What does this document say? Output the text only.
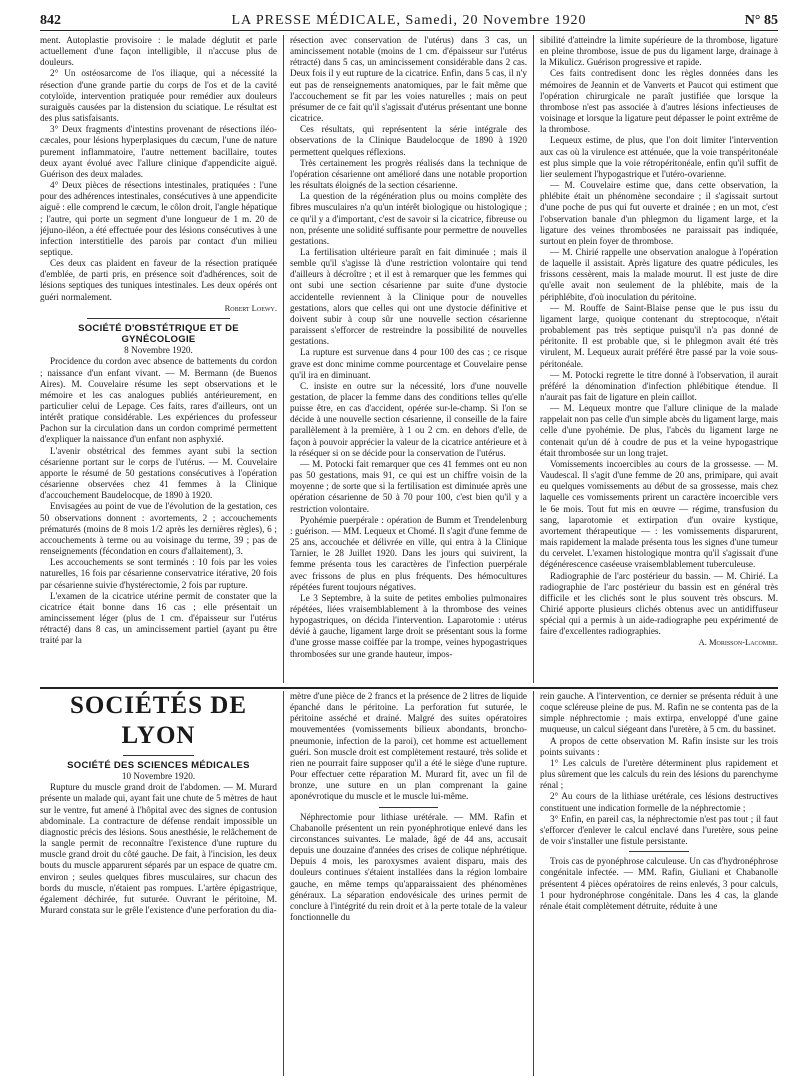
842	LA PRESSE MÉDICALE, Samedi, 20 Novembre 1920	N° 85

ment. Autoplastie provisoire : le malade déglutit et parle actuellement d'une façon intelligible, il n'accuse plus de douleurs.

2° Un ostéosarcome de l'os iliaque, qui a nécessité la résection d'une grande partie du corps de l'os et de la cavité cotyloïde, intervention pratiquée pour remédier aux douleurs suraiguës causées par la distension du sciatique. Le résultat est des plus satisfaisants.

3° Deux fragments d'intestins provenant de résections iléo-cæcales, pour lésions hyperplasiques du cæcum, l'une de nature purement inflammatoire, l'autre nettement bacillaire, toutes deux ayant évolué avec l'allure clinique d'appendicite aiguë. Guérison des deux malades.

4° Deux pièces de résections intestinales, pratiquées : l'une pour des adhérences intestinales, consécutives à une appendicite aiguë : elle comprend le cæcum, le côlon droit, l'angle hépatique ; l'autre, qui porte un segment d'une longueur de 1 m. 20 de jéjuno-iléon, a été effectuée pour des lésions consécutives à une infection interstitielle des parois par contact d'un milieu septique.

Ces deux cas plaident en faveur de la résection pratiquée d'emblée, de parti pris, en présence soit d'adhérences, soit de lésions septiques des tuniques intestinales. Les deux opérés ont guéri normalement.

Robert Loewy.

SOCIÉTÉ D'OBSTÉTRIQUE ET DE GYNÉCOLOGIE

8 Novembre 1920.

Procidence du cordon avec absence de battements du cordon ; naissance d'un enfant vivant. — M. Bermann (de Buenos Aires). M. Couvelaire résume les sept observations et le mémoire et les cas analogues publiés antérieurement, en particulier celui de Lepage. Ces faits, rares d'ailleurs, ont un intérêt pratique considérable. Les expériences du professeur Pachon sur la circulation dans un cordon comprimé permettent d'expliquer la naissance d'un enfant non asphyxié.

L'avenir obstétrical des femmes ayant subi la section césarienne portant sur le corps de l'utérus. — M. Couvelaire apporte le résumé de 50 gestations consécutives à l'opération césarienne observées chez 41 femmes à la Clinique d'accouchement Baudelocque, de 1890 à 1920.

Envisagées au point de vue de l'évolution de la gestation, ces 50 observations donnent : avortements, 2 ; accouchements prématurés (moins de 8 mois 1/2 après les dernières règles), 6 ; accouchements à terme ou au voisinage du terme, 39 ; pas de renseignements (fécondation en cours d'allaitement), 3.

Les accouchements se sont terminés : 10 fois par les voies naturelles, 16 fois par césarienne conservatrice itérative, 20 fois par césarienne suivie d'hystérectomie, 2 fois par rupture.

L'examen de la cicatrice utérine permit de constater que la cicatrice était bonne dans 16 cas ; elle présentait un amincissement léger (plus de 1 cm. d'épaisseur sur l'utérus rétracté) dans 8 cas, un amincissement partiel (ayant pu être traité par la

résection avec conservation de l'utérus) dans 3 cas, un amincissement notable (moins de 1 cm. d'épaisseur sur l'utérus rétracté) dans 5 cas, un amincissement considérable dans 2 cas. Deux fois il y eut rupture de la cicatrice. Enfin, dans 5 cas, il n'y eut pas de renseignements anatomiques, par le fait même que l'accouchement se fit par les voies naturelles ; mais on peut présumer de ce fait qu'il s'agissait d'utérus présentant une bonne cicatrice.

Ces résultats, qui représentent la série intégrale des observations de la Clinique Baudelocque de 1890 à 1920 permettent quelques réflexions.

Très certainement les progrès réalisés dans la technique de l'opération césarienne ont amélioré dans une notable proportion les résultats éloignés de la section césarienne.

La question de la régénération plus ou moins complète des fibres musculaires n'a qu'un intérêt biologique ou histologique ; ce qu'il y a d'important, c'est de savoir si la cicatrice, fibreuse ou non, présente une solidité suffisante pour permettre de nouvelles gestations.

La fertilisation ultérieure paraît en fait diminuée ; mais il semble qu'il s'agisse là d'une restriction volontaire qui tend d'ailleurs à décroître ; et il est à remarquer que les femmes qui ont subi une section césarienne par suite d'une dystocie accidentelle reviennent à la Clinique pour de nouvelles gestations, alors que celles qui ont une dystocie définitive et doivent subir à coup sûr une nouvelle section césarienne paraissent s'efforcer de restreindre la possibilité de nouvelles gestations.

La rupture est survenue dans 4 pour 100 des cas ; ce risque grave est donc minime comme pourcentage et Couvelaire pense qu'il ira en diminuant.

C. insiste en outre sur la nécessité, lors d'une nouvelle gestation, de placer la femme dans des conditions telles qu'elle puisse être, en cas d'accident, opérée sur-le-champ. Si l'on se décide à une nouvelle section césarienne, il conseille de la faire parallèlement à la première, à 1 ou 2 cm. en dehors d'elle, de façon à pouvoir apprécier la valeur de la cicatrice antérieure et à la réséquer si on se décide pour la conservation de l'utérus.

— M. Potocki fait remarquer que ces 41 femmes ont eu non pas 50 gestations, mais 91, ce qui est un chiffre voisin de la moyenne ; de sorte que si la fertilisation est diminuée après une opération césarienne de 50 à 70 pour 100, c'est bien qu'il y a restriction volontaire.

Pyohémie puerpérale : opération de Bumm et Trendelenburg : guérison. — MM. Lequeux et Chomé. Il s'agit d'une femme de 25 ans, accouchée et délivrée en ville, qui entra à la Clinique Tarnier, le 28 Juillet 1920. Dans les jours qui suivirent, la femme présenta tous les caractères de l'infection puerpérale avec frissons de plus en plus fréquents. Des hémocultures répétées furent toujours négatives.

Le 3 Septembre, à la suite de petites embolies pulmonaires répétées, liées vraisemblablement à la thrombose des veines hypogastriques, on décida l'intervention. Laparotomie : utérus dévié à gauche, ligament large droit se présentant sous la forme d'une grosse masse coiffée par la trompe, veines hypogastriques thrombosées sur une grande hauteur, impos-

sibilité d'atteindre la limite supérieure de la thrombose, ligature en pleine thrombose, issue de pus du ligament large, drainage à la Mikulicz. Guérison progressive et rapide.

Ces faits contredisent donc les règles données dans les mémoires de Jeannin et de Vanverts et Paucot qui estiment que l'opération chirurgicale ne paraît justifiée que lorsque la thrombose n'est pas associée à d'autres lésions infectieuses de voisinage et lorsque la ligature peut dépasser le point extrême de la thrombose.

Lequeux estime, de plus, que l'on doit limiter l'intervention aux cas où la virulence est atténuée, que la voie transpéritonéale est plus simple que la voie rétropéritonéale, enfin qu'il suffit de lier seulement l'hypogastrique et l'utéro-ovarienne.

— M. Couvelaire estime que, dans cette observation, la phlébite était un phénomène secondaire ; il s'agissait surtout d'une poche de pus qui fut ouverte et drainée ; en un mot, c'est l'observation banale d'un phlegmon du ligament large, et la ligature des veines thrombosées ne paraissait pas indiquée, surtout en plein foyer de thrombose.

— M. Chirié rappelle une observation analogue à l'opération de laquelle il assistait. Après ligature des quatre pédicules, les frissons cessèrent, mais la malade mourut. Il est juste de dire qu'elle avait non seulement de la phlébite, mais de la périphlébite, d'où inoculation du péritoine.

— M. Rouffe de Saint-Blaise pense que le pus issu du ligament large, quoique contenant du streptocoque, n'était probablement pas très septique puisqu'il n'a pas donné de péritonite. Il est probable que, si le phlegmon avait été très virulent, M. Lequeux aurait préféré être passé par la voie sous-péritonéale.

— M. Potocki regrette le titre donné à l'observation, il aurait préféré la dénomination d'infection phlébitique étendue. Il n'aurait pas fait de ligature en plein caillot.

— M. Lequeux montre que l'allure clinique de la malade rappelait non pas celle d'un simple abcès du ligament large, mais celle d'une pyohémie. De plus, l'abcès du ligament large ne contenait qu'un dé à coudre de pus et la veine hypogastrique était thrombosée sur un long trajet.

Vomissements incoercibles au cours de la grossesse. — M. Vaudescal. Il s'agit d'une femme de 20 ans, primipare, qui avait eu quelques vomissements au début de sa grossesse, mais chez laquelle ces vomissements prirent un caractère incoercible vers le 6e mois. Tout fut mis en œuvre — régime, transfusion du sang, laparotomie et extirpation d'un ovaire kystique, avortement thérapeutique — : les vomissements disparurent, mais rapidement la malade présenta tous les signes d'une tumeur du cervelet. L'examen histologique montra qu'il s'agissait d'une dégénérescence caséeuse vraisemblablement tuberculeuse.

Radiographie de l'arc postérieur du bassin. — M. Chirié. La radiographie de l'arc postérieur du bassin est en général très difficile et les clichés sont le plus souvent très obscurs. M. Chirié apporte plusieurs clichés obtenus avec un antidiffuseur spécial qui a permis à un aide-radiographe peu expérimenté de faire d'excellentes radiographies.

A. Morisson-Lacombe.

SOCIÉTÉS DE LYON

SOCIÉTÉ DES SCIENCES MÉDICALES

10 Novembre 1920.

Rupture du muscle grand droit de l'abdomen. — M. Murard présente un malade qui, ayant fait une chute de 5 mètres de haut sur le ventre, fut amené à l'hôpital avec des signes de contusion abdominale. La contracture de défense rendait impossible un diagnostic précis des lésions. Sous anesthésie, le relâchement de la sangle permit de reconnaître l'existence d'une rupture du muscle grand droit du côté gauche. De fait, à l'incision, les deux bouts du muscle apparurent séparés par un espace de quatre cm. environ ; seules quelques fibres musculaires, sur chacun des bords du muscle, n'étaient pas rompues. L'artère épigastrique, également déchirée, fut suturée. Ouvrant le péritoine, M. Murard constata sur le grêle l'existence d'une perforation du dia-

mètre d'une pièce de 2 francs et la présence de 2 litres de liquide épanché dans le péritoine. La perforation fut suturée, le péritoine asséché et drainé. Malgré des suites opératoires mouvementées (vomissements bilieux abondants, broncho-pneumonie, infection de la paroi), cet homme est actuellement guéri. Son muscle droit est complètement restauré, très solide et rien ne pourrait faire supposer qu'il a été le siège d'une rupture. Pour effectuer cette réparation M. Murard fit, avec un fil de bronze, une suture en un plan comprenant la gaine aponévrotique du muscle et le muscle lui-même.

Néphrectomie pour lithiase urétérale. — MM. Rafin et Chabanolle présentent un rein pyonéphrotique enlevé dans les circonstances suivantes. Le malade, âgé de 44 ans, accusait depuis une douzaine d'années des crises de colique néphrétique. Depuis 4 mois, les paroxysmes avaient disparu, mais des douleurs continues s'étaient installées dans la région lombaire gauche, en même temps qu'apparaissaient des phénomènes généraux. La séparation endovésicale des urines permit de conclure à l'intégrité du rein droit et à la perte totale de la valeur fonctionnelle du

rein gauche. A l'intervention, ce dernier se présenta réduit à une coque scléreuse pleine de pus. M. Rafin ne se contenta pas de la simple néphrectomie ; mais extirpa, enveloppé d'une gaine muqueuse, un calcul siégeant dans l'uretère, à 5 cm. du bassinet.

A propos de cette observation M. Rafin insiste sur les trois points suivants :

1° Les calculs de l'uretère déterminent plus rapidement et plus sûrement que les calculs du rein des lésions du parenchyme rénal ;

2° Au cours de la lithiase urétérale, ces lésions destructives constituent une indication formelle de la néphrectomie ;

3° Enfin, en pareil cas, la néphrectomie n'est pas tout ; il faut s'efforcer d'enlever le calcul enclavé dans l'uretère, sous peine de voir s'installer une fistule persistante.

Trois cas de pyonéphrose calculeuse. Un cas d'hydronéphrose congénitale infectée. — MM. Rafin, Giuliani et Chabanolle présentent 4 pièces opératoires de reins enlevés, 3 pour calculs, 1 pour hydronéphrose congénitale. Dans les 4 cas, la glande rénale était complètement détruite, réduite à une
